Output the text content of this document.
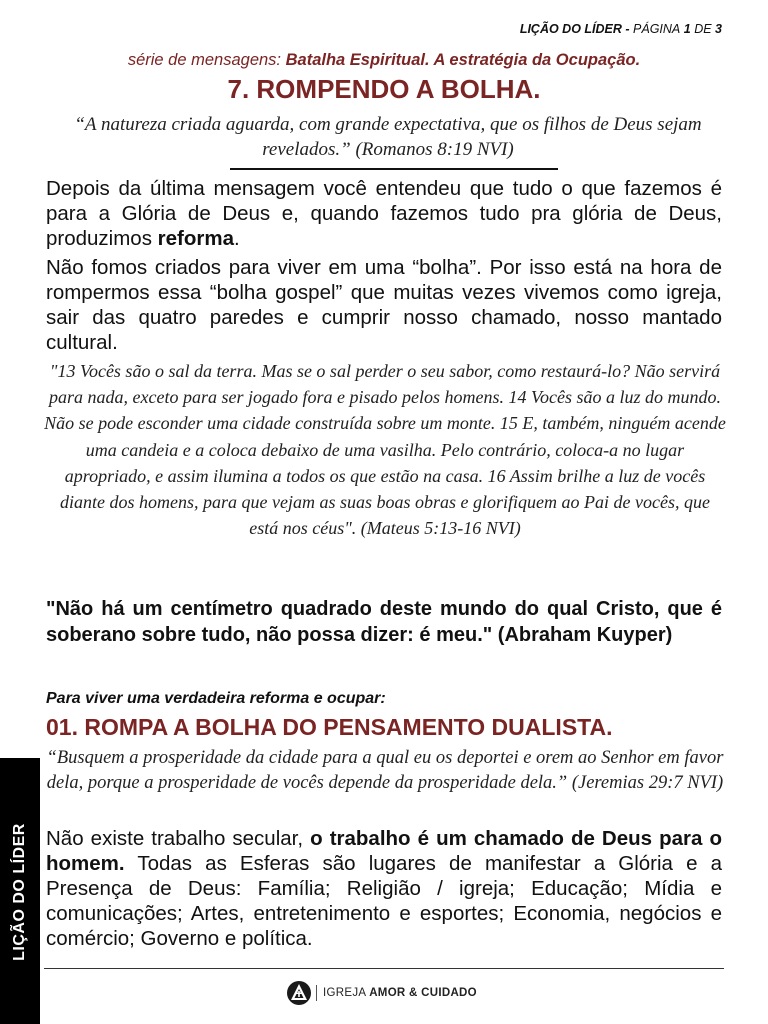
LIÇÃO DO LÍDER - PÁGINA 1 DE 3
série de mensagens: Batalha Espiritual. A estratégia da Ocupação.
7. ROMPENDO A BOLHA.
“A natureza criada aguarda, com grande expectativa, que os filhos de Deus sejam revelados.” (Romanos 8:19 NVI)
Depois da última mensagem você entendeu que tudo o que fazemos é para a Glória de Deus e, quando fazemos tudo pra glória de Deus, produzimos reforma.
Não fomos criados para viver em uma “bolha”. Por isso está na hora de rompermos essa “bolha gospel” que muitas vezes vivemos como igreja, sair das quatro paredes e cumprir nosso chamado, nosso mantado cultural.
"13 Vocês são o sal da terra. Mas se o sal perder o seu sabor, como restaurá-lo? Não servirá para nada, exceto para ser jogado fora e pisado pelos homens. 14 Vocês são a luz do mundo. Não se pode esconder uma cidade construída sobre um monte. 15 E, também, ninguém acende uma candeia e a coloca debaixo de uma vasilha. Pelo contrário, coloca-a no lugar apropriado, e assim ilumina a todos os que estão na casa. 16 Assim brilhe a luz de vocês diante dos homens, para que vejam as suas boas obras e glorifiquem ao Pai de vocês, que está nos céus". (Mateus 5:13-16 NVI)
"Não há um centímetro quadrado deste mundo do qual Cristo, que é soberano sobre tudo, não possa dizer: é meu." (Abraham Kuyper)
Para viver uma verdadeira reforma e ocupar:
01. ROMPA A BOLHA DO PENSAMENTO DUALISTA.
“Busquem a prosperidade da cidade para a qual eu os deportei e orem ao Senhor em favor dela, porque a prosperidade de vocês depende da prosperidade dela.” (Jeremias 29:7 NVI)
Não existe trabalho secular, o trabalho é um chamado de Deus para o homem. Todas as Esferas são lugares de manifestar a Glória e a Presença de Deus: Família; Religião / igreja; Educação; Mídia e comunicações; Artes, entretenimento e esportes; Economia, negócios e comércio; Governo e política.
LIÇÃO DO LÍDER
IGREJA AMOR & CUIDADO
